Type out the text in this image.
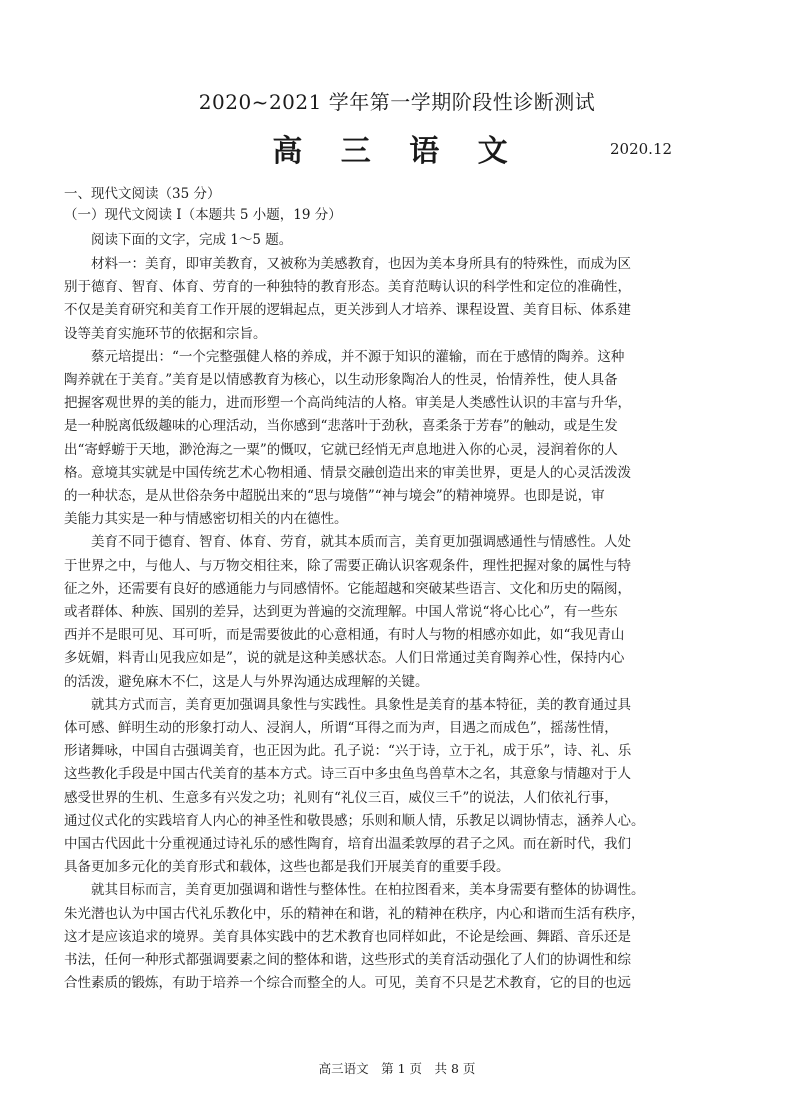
2020~2021 学年第一学期阶段性诊断测试
高 三 语 文	2020.12
一、现代文阅读（35 分）
（一）现代文阅读 I（本题共 5 小题，19 分）
　　阅读下面的文字，完成 1～5 题。
　　材料一：美育，即审美教育，又被称为美感教育，也因为美本身所具有的特殊性，而成为区
别于德育、智育、体育、劳育的一种独特的教育形态。美育范畴认识的科学性和定位的准确性，
不仅是美育研究和美育工作开展的逻辑起点，更关涉到人才培养、课程设置、美育目标、体系建
设等美育实施环节的依据和宗旨。
　　蔡元培提出：“一个完整强健人格的养成，并不源于知识的灌输，而在于感情的陶养。这种
陶养就在于美育。”美育是以情感教育为核心，以生动形象陶冶人的性灵，怡情养性，使人具备
把握客观世界的美的能力，进而形塑一个高尚纯洁的人格。审美是人类感性认识的丰富与升华，
是一种脱离低级趣味的心理活动，当你感到“悲落叶于劲秋，喜柔条于芳春”的触动，或是生发
出“寄蜉蝣于天地，渺沧海之一粟”的慨叹，它就已经悄无声息地进入你的心灵，浸润着你的人
格。意境其实就是中国传统艺术心物相通、情景交融创造出来的审美世界，更是人的心灵活泼泼
的一种状态，是从世俗杂务中超脱出来的“思与境偕”“神与境会”的精神境界。也即是说，审
美能力其实是一种与情感密切相关的内在德性。
　　美育不同于德育、智育、体育、劳育，就其本质而言，美育更加强调感通性与情感性。人处
于世界之中，与他人、与万物交相往来，除了需要正确认识客观条件，理性把握对象的属性与特
征之外，还需要有良好的感通能力与同感情怀。它能超越和突破某些语言、文化和历史的隔阂，
或者群体、种族、国别的差异，达到更为普遍的交流理解。中国人常说“将心比心”，有一些东
西并不是眼可见、耳可听，而是需要彼此的心意相通，有时人与物的相感亦如此，如“我见青山
多妩媚，料青山见我应如是”，说的就是这种美感状态。人们日常通过美育陶养心性，保持内心
的活泼，避免麻木不仁，这是人与外界沟通达成理解的关键。
　　就其方式而言，美育更加强调具象性与实践性。具象性是美育的基本特征，美的教育通过具
体可感、鲜明生动的形象打动人、浸润人，所谓“耳得之而为声，目遇之而成色”，摇荡性情，
形诸舞咏，中国自古强调美育，也正因为此。孔子说：“兴于诗，立于礼，成于乐”，诗、礼、乐
这些教化手段是中国古代美育的基本方式。诗三百中多虫鱼鸟兽草木之名，其意象与情趣对于人
感受世界的生机、生意多有兴发之功；礼则有“礼仪三百，威仪三千”的说法，人们依礼行事，
通过仪式化的实践培育人内心的神圣性和敬畏感；乐则和顺人情，乐教足以调协情志，涵养人心。
中国古代因此十分重视通过诗礼乐的感性陶育，培育出温柔敦厚的君子之风。而在新时代，我们
具备更加多元化的美育形式和载体，这些也都是我们开展美育的重要手段。
　　就其目标而言，美育更加强调和谐性与整体性。在柏拉图看来，美本身需要有整体的协调性。
朱光潜也认为中国古代礼乐教化中，乐的精神在和谐，礼的精神在秩序，内心和谐而生活有秩序，
这才是应该追求的境界。美育具体实践中的艺术教育也同样如此，不论是绘画、舞蹈、音乐还是
书法，任何一种形式都强调要素之间的整体和谐，这些形式的美育活动强化了人们的协调性和综
合性素质的锻炼，有助于培养一个综合而整全的人。可见，美育不只是艺术教育，它的目的也远
高三语文　第 1 页　共 8 页
